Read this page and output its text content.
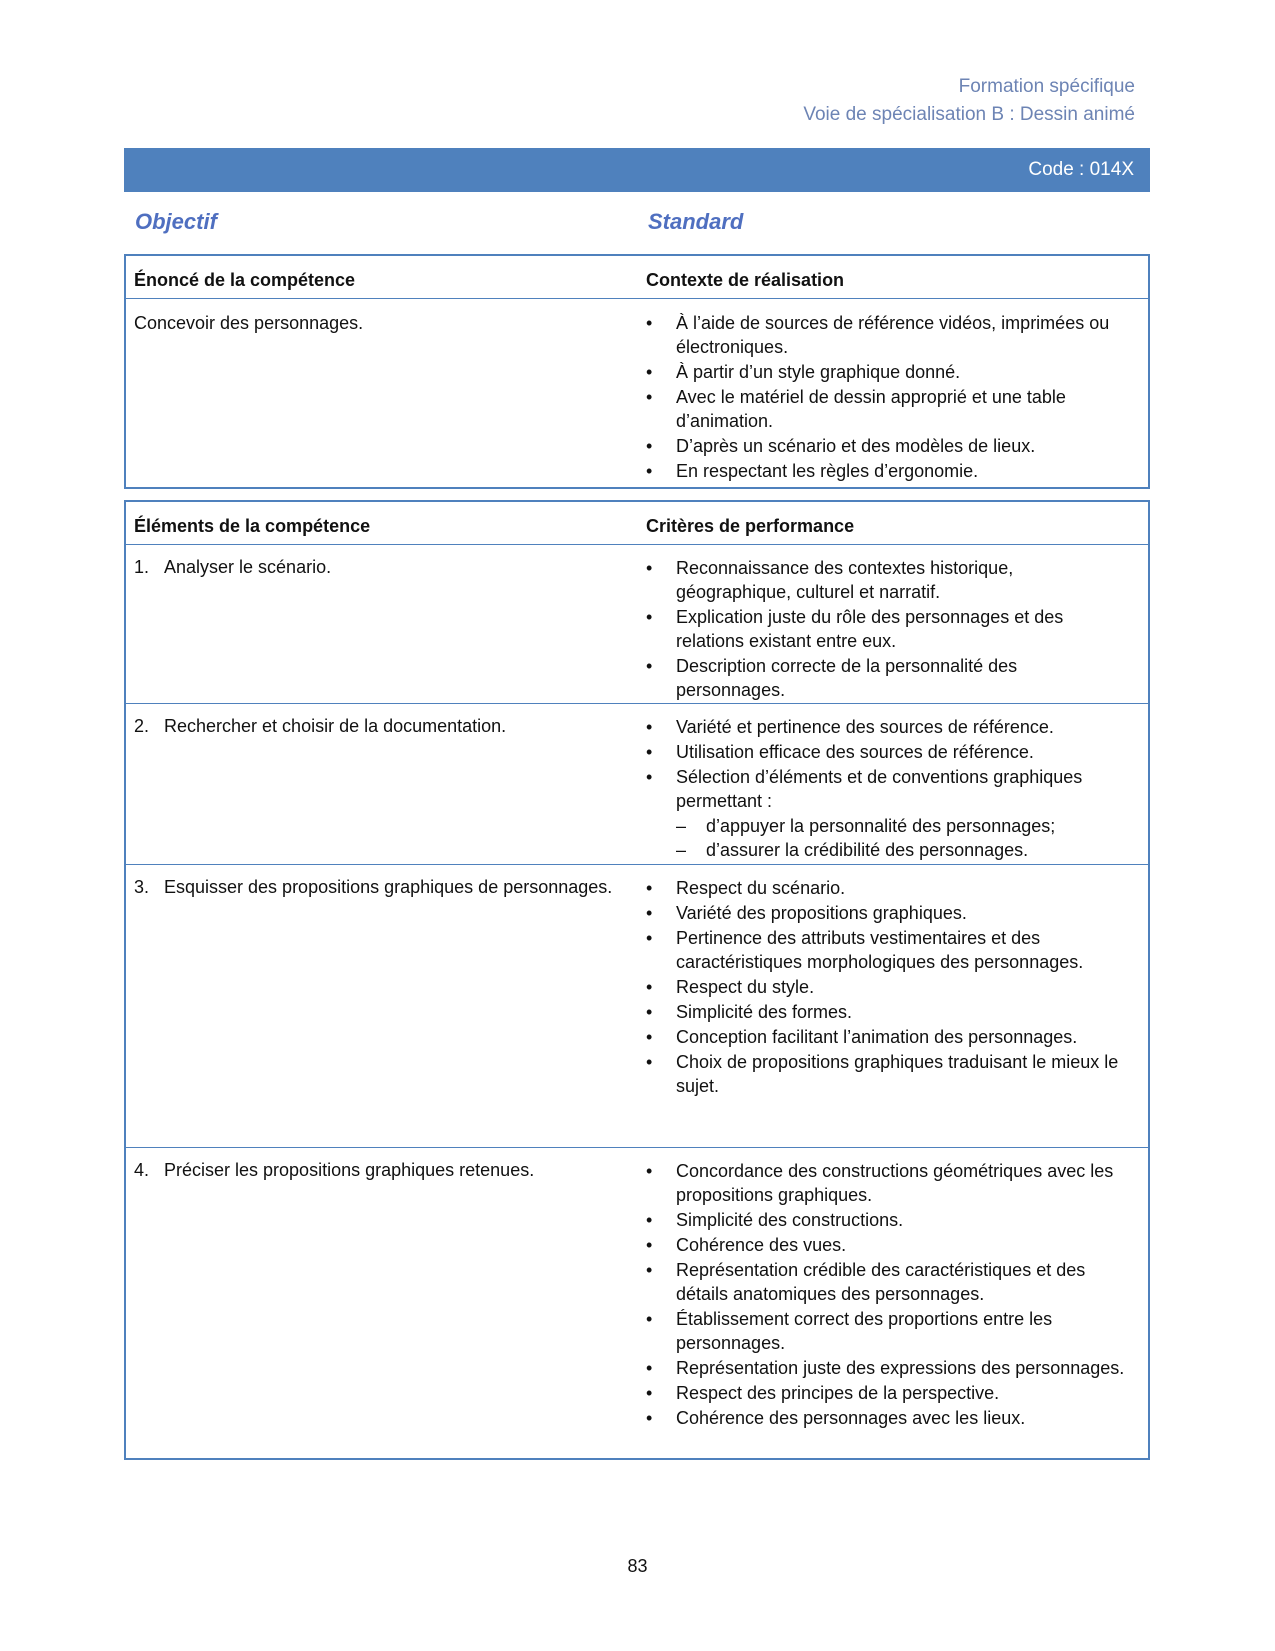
Formation spécifique
Voie de spécialisation B : Dessin animé
Code : 014X
Objectif	Standard
Énoncé de la compétence	Contexte de réalisation
Concevoir des personnages.	• À l’aide de sources de référence vidéos, imprimées ou électroniques.
• À partir d’un style graphique donné.
• Avec le matériel de dessin approprié et une table d’animation.
• D’après un scénario et des modèles de lieux.
• En respectant les règles d’ergonomie.
Éléments de la compétence	Critères de performance
1. Analyser le scénario.	• Reconnaissance des contextes historique, géographique, culturel et narratif.
• Explication juste du rôle des personnages et des relations existant entre eux.
• Description correcte de la personnalité des personnages.
2. Rechercher et choisir de la documentation.	• Variété et pertinence des sources de référence.
• Utilisation efficace des sources de référence.
• Sélection d’éléments et de conventions graphiques permettant :
– d’appuyer la personnalité des personnages;
– d’assurer la crédibilité des personnages.
3. Esquisser des propositions graphiques de personnages. • Respect du scénario.
• Variété des propositions graphiques.
• Pertinence des attributs vestimentaires et des caractéristiques morphologiques des personnages.
• Respect du style.
• Simplicité des formes.
• Conception facilitant l’animation des personnages.
• Choix de propositions graphiques traduisant le mieux le sujet.
4. Préciser les propositions graphiques retenues.	• Concordance des constructions géométriques avec les propositions graphiques.
• Simplicité des constructions.
• Cohérence des vues.
• Représentation crédible des caractéristiques et des détails anatomiques des personnages.
• Établissement correct des proportions entre les personnages.
• Représentation juste des expressions des personnages.
• Respect des principes de la perspective.
• Cohérence des personnages avec les lieux.
83
